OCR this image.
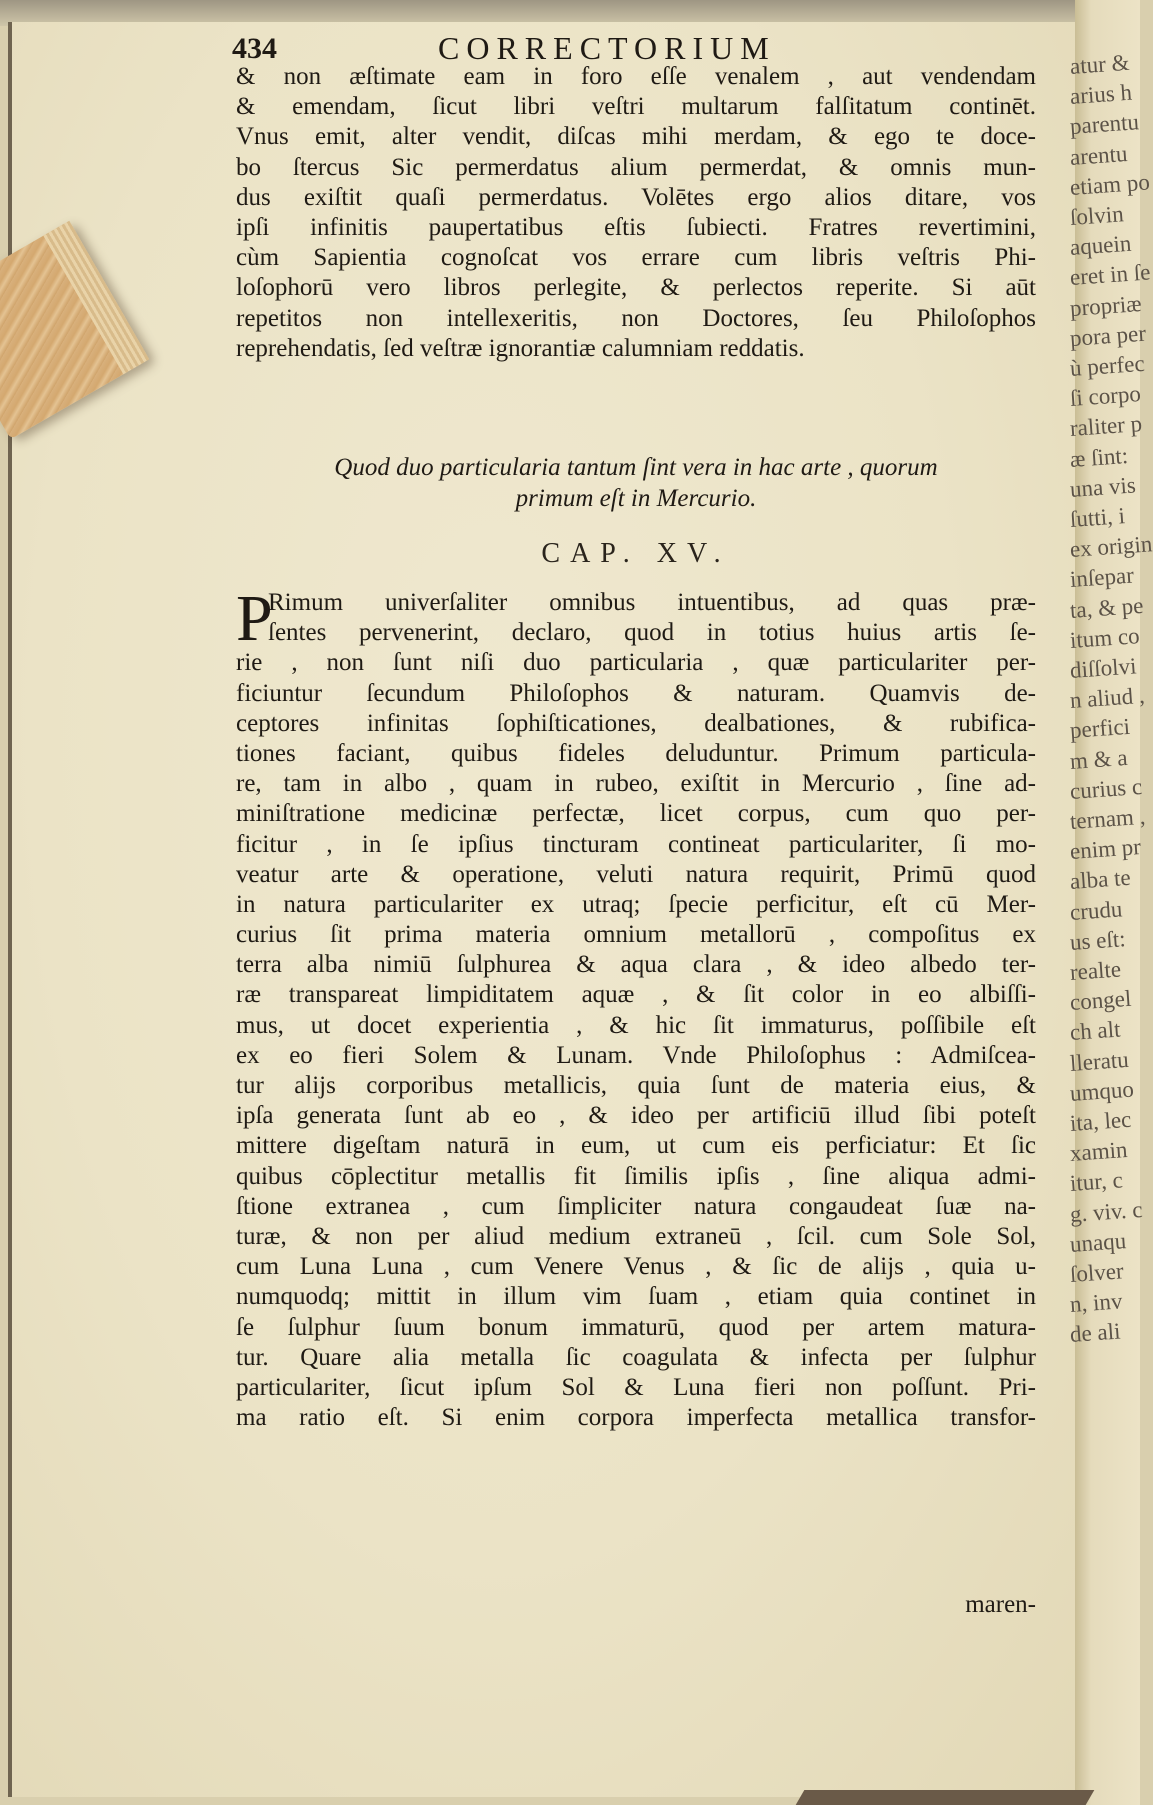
atur &
arius h
parentu
arentu
etiam po
ſolvin
aquein
eret in ſe
propriæ
pora per
ù perfec
ſi corpo
raliter p
æ ſint:
una vis
ſutti, i
ex origin
inſepar
ta, & pe
itum co
diſſolvi
n aliud ,
perfici
m & a
curius c
ternam ,
enim pr
alba te
crudu
us eſt:
realte
congel
ch alt
lleratu
umquo
ita, lec
xamin
itur, c
g. viv. c
unaqu
ſolver
n, inv
de ali
434	CORRECTORIUM
& non æſtimate eam in foro eſſe venalem , aut vendendam
& emendam, ſicut libri veſtri multarum falſitatum continēt.
Vnus emit, alter vendit, diſcas mihi merdam, & ego te doce-
bo ſtercus Sic permerdatus alium permerdat, & omnis mun-
dus exiſtit quaſi permerdatus. Volētes ergo alios ditare, vos
ipſi infinitis paupertatibus eſtis ſubiecti. Fratres revertimini,
cùm Sapientia cognoſcat vos errare cum libris veſtris Phi-
loſophorū vero libros perlegite, & perlectos reperite. Si aūt
repetitos non intellexeritis, non Doctores, ſeu Philoſophos
reprehendatis, ſed veſtræ ignorantiæ calumniam reddatis.
Quod duo particularia tantum ſint vera in hac arte , quorum
primum eſt in Mercurio.
CAP. XV.
P
Rimum univerſaliter omnibus intuentibus, ad quas præ-
ſentes pervenerint, declaro, quod in totius huius artis ſe-
rie , non ſunt niſi duo particularia , quæ particulariter per-
ficiuntur ſecundum Philoſophos & naturam. Quamvis de-
ceptores infinitas ſophiſticationes, dealbationes, & rubifica-
tiones faciant, quibus fideles deluduntur. Primum particula-
re, tam in albo , quam in rubeo, exiſtit in Mercurio , ſine ad-
miniſtratione medicinæ perfectæ, licet corpus, cum quo per-
ficitur , in ſe ipſius tincturam contineat particulariter, ſi mo-
veatur arte & operatione, veluti natura requirit, Primū quod
in natura particulariter ex utraq; ſpecie perficitur, eſt cū Mer-
curius ſit prima materia omnium metallorū , compoſitus ex
terra alba nimiū ſulphurea & aqua clara , & ideo albedo ter-
ræ transpareat limpiditatem aquæ , & ſit color in eo albiſſi-
mus, ut docet experientia , & hic ſit immaturus, poſſibile eſt
ex eo fieri Solem & Lunam. Vnde Philoſophus : Admiſcea-
tur alijs corporibus metallicis, quia ſunt de materia eius, &
ipſa generata ſunt ab eo , & ideo per artificiū illud ſibi poteſt
mittere digeſtam naturā in eum, ut cum eis perficiatur: Et ſic
quibus cōplectitur metallis fit ſimilis ipſis , ſine aliqua admi-
ſtione extranea , cum ſimpliciter natura congaudeat ſuæ na-
turæ, & non per aliud medium extraneū , ſcil. cum Sole Sol,
cum Luna Luna , cum Venere Venus , & ſic de alijs , quia u-
numquodq; mittit in illum vim ſuam , etiam quia continet in
ſe ſulphur ſuum bonum immaturū, quod per artem matura-
tur. Quare alia metalla ſic coagulata & infecta per ſulphur
particulariter, ſicut ipſum Sol & Luna fieri non poſſunt. Pri-
ma ratio eſt. Si enim corpora imperfecta metallica transfor-
maren-
